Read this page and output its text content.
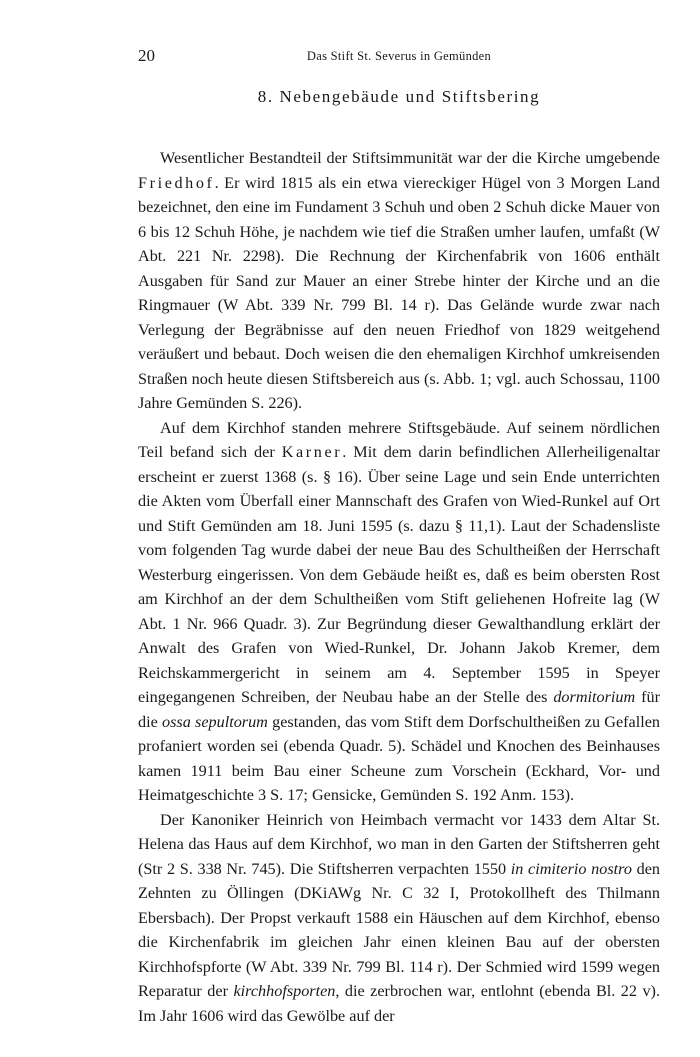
20	Das Stift St. Severus in Gemünden
8. Nebengebäude und Stiftsbering

Wesentlicher Bestandteil der Stiftsimmunität war der die Kirche umgebende Friedhof. Er wird 1815 als ein etwa viereckiger Hügel von 3 Morgen Land bezeichnet, den eine im Fundament 3 Schuh und oben 2 Schuh dicke Mauer von 6 bis 12 Schuh Höhe, je nachdem wie tief die Straßen umher laufen, umfaßt (W Abt. 221 Nr. 2298). Die Rechnung der Kirchenfabrik von 1606 enthält Ausgaben für Sand zur Mauer an einer Strebe hinter der Kirche und an die Ringmauer (W Abt. 339 Nr. 799 Bl. 14 r). Das Gelände wurde zwar nach Verlegung der Begräbnisse auf den neuen Friedhof von 1829 weitgehend veräußert und bebaut. Doch weisen die den ehemaligen Kirchhof umkreisenden Straßen noch heute diesen Stiftsbereich aus (s. Abb. 1; vgl. auch Schossau, 1100 Jahre Gemünden S. 226).

Auf dem Kirchhof standen mehrere Stiftsgebäude. Auf seinem nördlichen Teil befand sich der Karner. Mit dem darin befindlichen Allerheiligenaltar erscheint er zuerst 1368 (s. § 16). Über seine Lage und sein Ende unterrichten die Akten vom Überfall einer Mannschaft des Grafen von Wied-Runkel auf Ort und Stift Gemünden am 18. Juni 1595 (s. dazu § 11,1). Laut der Schadensliste vom folgenden Tag wurde dabei der neue Bau des Schultheißen der Herrschaft Westerburg eingerissen. Von dem Gebäude heißt es, daß es beim obersten Rost am Kirchhof an der dem Schultheißen vom Stift geliehenen Hofreite lag (W Abt. 1 Nr. 966 Quadr. 3). Zur Begründung dieser Gewalthandlung erklärt der Anwalt des Grafen von Wied-Runkel, Dr. Johann Jakob Kremer, dem Reichskammergericht in seinem am 4. September 1595 in Speyer eingegangenen Schreiben, der Neubau habe an der Stelle des dormitorium für die ossa sepultorum gestanden, das vom Stift dem Dorfschultheißen zu Gefallen profaniert worden sei (ebenda Quadr. 5). Schädel und Knochen des Beinhauses kamen 1911 beim Bau einer Scheune zum Vorschein (Eckhard, Vor- und Heimatgeschichte 3 S. 17; Gensicke, Gemünden S. 192 Anm. 153).

Der Kanoniker Heinrich von Heimbach vermacht vor 1433 dem Altar St. Helena das Haus auf dem Kirchhof, wo man in den Garten der Stiftsherren geht (Str 2 S. 338 Nr. 745). Die Stiftsherren verpachten 1550 in cimiterio nostro den Zehnten zu Öllingen (DKiAWg Nr. C 32 I, Protokollheft des Thilmann Ebersbach). Der Propst verkauft 1588 ein Häuschen auf dem Kirchhof, ebenso die Kirchenfabrik im gleichen Jahr einen kleinen Bau auf der obersten Kirchhofspforte (W Abt. 339 Nr. 799 Bl. 114 r). Der Schmied wird 1599 wegen Reparatur der kirchhofsporten, die zerbrochen war, entlohnt (ebenda Bl. 22 v). Im Jahr 1606 wird das Gewölbe auf der
